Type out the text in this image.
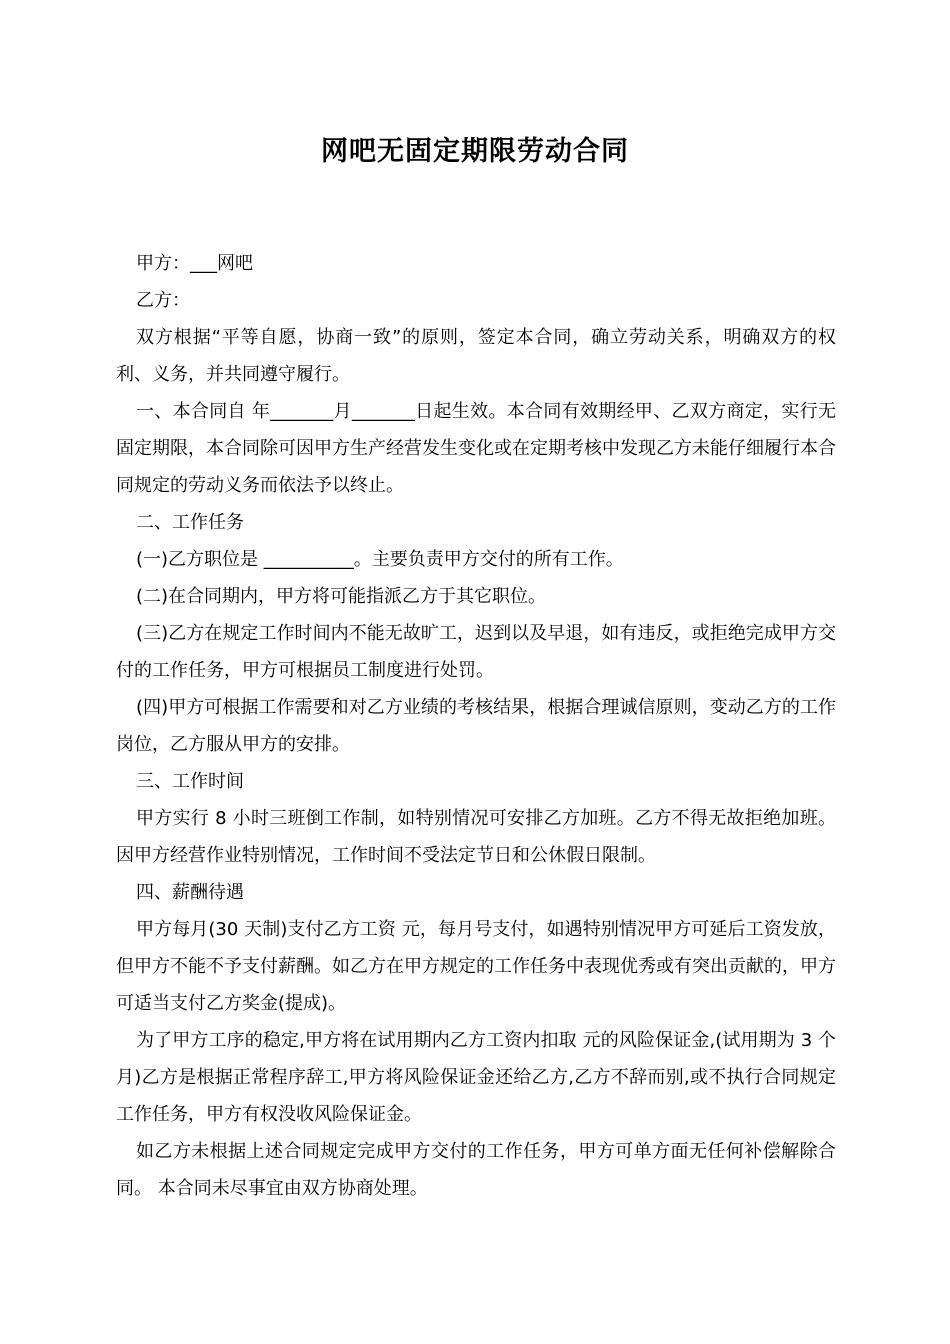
网吧无固定期限劳动合同

甲方：___网吧

乙方：

双方根据“平等自愿，协商一致”的原则，签定本合同，确立劳动关系，明确双方的权利、义务，并共同遵守履行。

一、本合同自 年_______月_______日起生效。本合同有效期经甲、乙双方商定，实行无固定期限，本合同除可因甲方生产经营发生变化或在定期考核中发现乙方未能仔细履行本合同规定的劳动义务而依法予以终止。

二、工作任务

(一)乙方职位是 __________。主要负责甲方交付的所有工作。

(二)在合同期内，甲方将可能指派乙方于其它职位。

(三)乙方在规定工作时间内不能无故旷工，迟到以及早退，如有违反，或拒绝完成甲方交付的工作任务，甲方可根据员工制度进行处罚。

(四)甲方可根据工作需要和对乙方业绩的考核结果，根据合理诚信原则，变动乙方的工作岗位，乙方服从甲方的安排。

三、工作时间

甲方实行 8 小时三班倒工作制，如特别情况可安排乙方加班。乙方不得无故拒绝加班。 因甲方经营作业特别情况，工作时间不受法定节日和公休假日限制。

四、薪酬待遇

甲方每月(30 天制)支付乙方工资 元，每月号支付，如遇特别情况甲方可延后工资发放，但甲方不能不予支付薪酬。如乙方在甲方规定的工作任务中表现优秀或有突出贡献的，甲方可适当支付乙方奖金(提成)。

为了甲方工序的稳定,甲方将在试用期内乙方工资内扣取 元的风险保证金,(试用期为 3 个月)乙方是根据正常程序辞工,甲方将风险保证金还给乙方,乙方不辞而别,或不执行合同规定工作任务，甲方有权没收风险保证金。

如乙方未根据上述合同规定完成甲方交付的工作任务，甲方可单方面无任何补偿解除合同。 本合同未尽事宜由双方协商处理。
